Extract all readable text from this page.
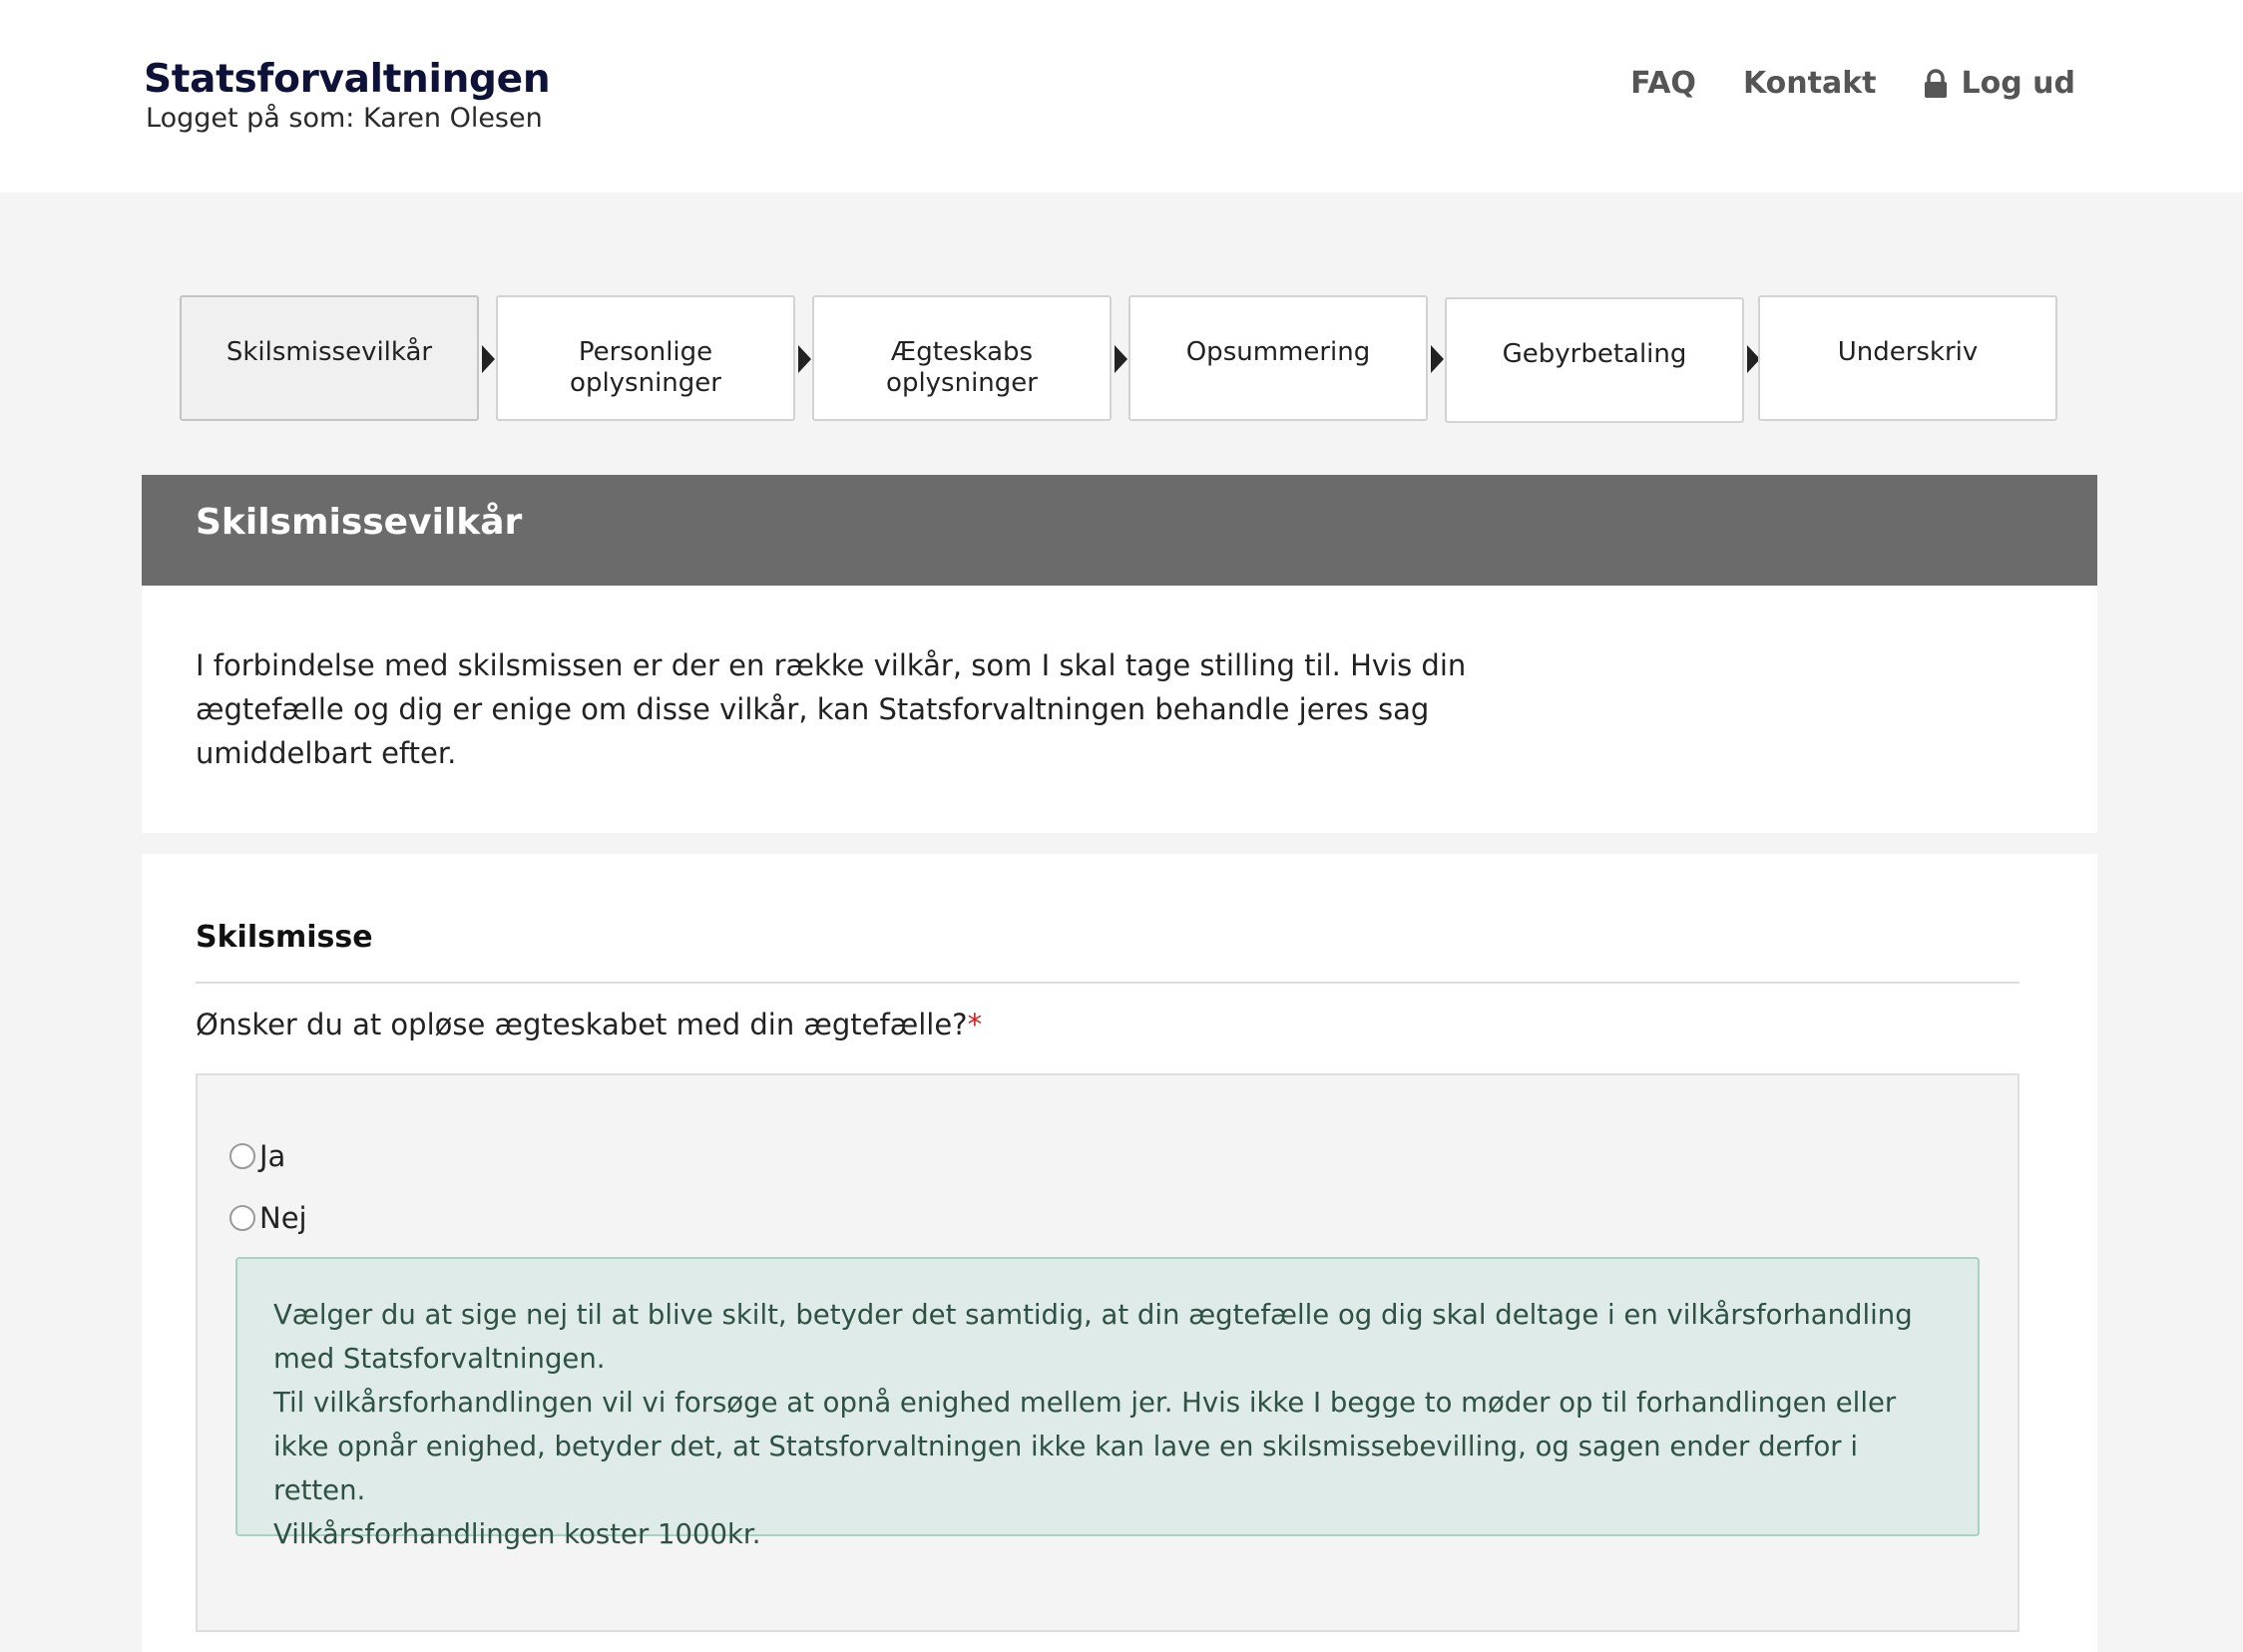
Statsforvaltningen
Logget på som: Karen Olesen
FAQ Kontakt	Log ud
Skilsmissevilkår	Personlige
oplysninger
Ægteskabs
oplysninger
Opsummering	Gebyrbetaling	Underskriv
Skilsmissevilkår

I forbindelse med skilsmissen er der en række vilkår, som I skal tage stilling til. Hvis din ægtefælle og dig er enige om disse vilkår, kan Statsforvaltningen behandle jeres sag umiddelbart efter.

Skilsmisse
Ønsker du at opløse ægteskabet med din ægtefælle?*
Ja
Nej

Vælger du at sige nej til at blive skilt, betyder det samtidig, at din ægtefælle og dig skal deltage i en vilkårsforhandling med Statsforvaltningen.
Til vilkårsforhandlingen vil vi forsøge at opnå enighed mellem jer. Hvis ikke I begge to møder op til forhandlingen eller ikke opnår enighed, betyder det, at Statsforvaltningen ikke kan lave en skilsmissebevilling, og sagen ender derfor i retten.
Vilkårsforhandlingen koster 1000kr.
